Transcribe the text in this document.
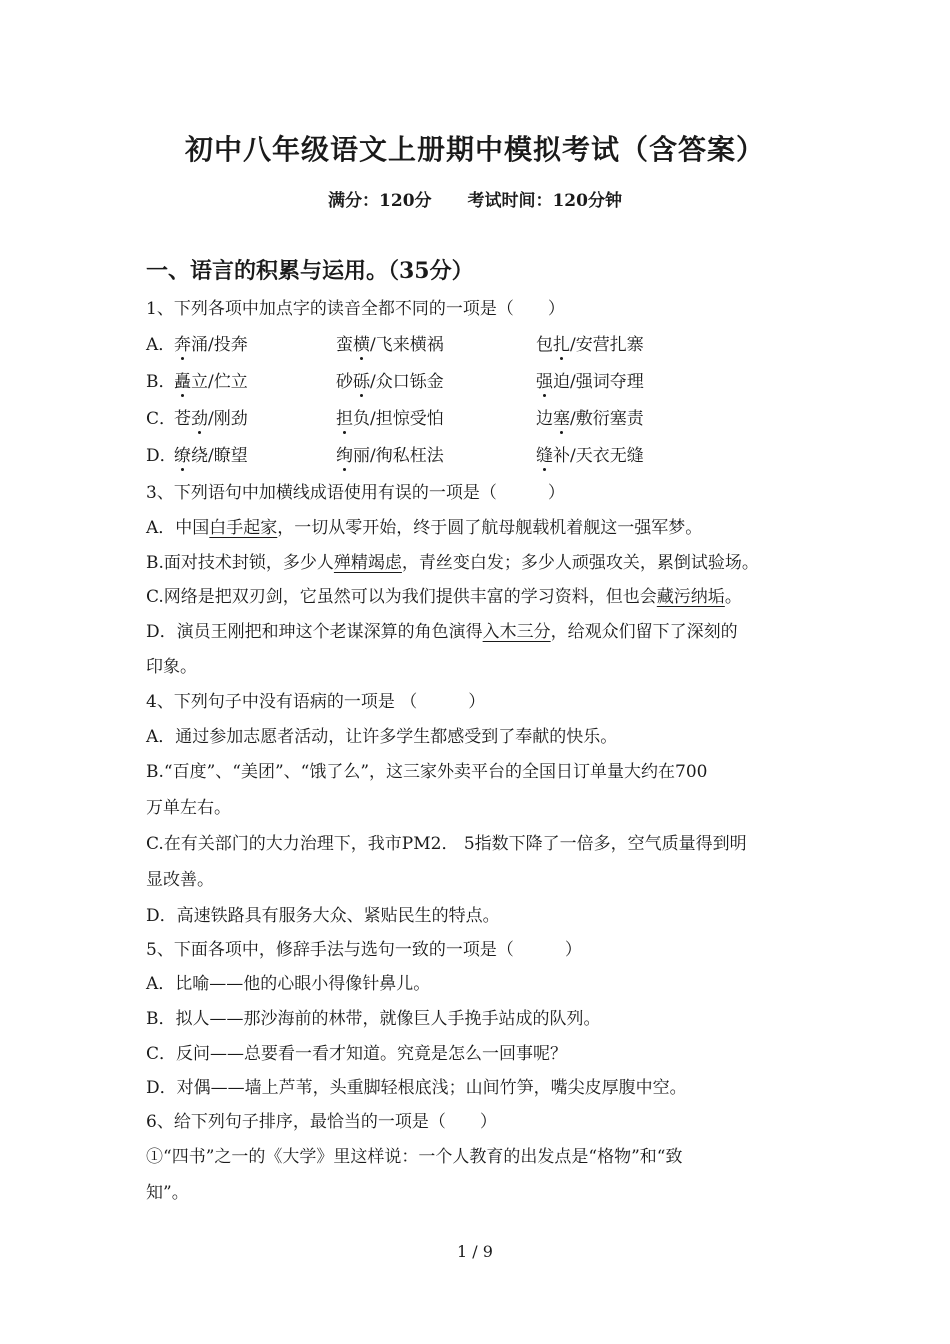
初中八年级语文上册期中模拟考试（含答案）
满分：120分 考试时间：120分钟
一、语言的积累与运用。（35分）
1、下列各项中加点字的读音全都不同的一项是（　　）
A．
奔涌/投奔	蛮横/飞来横祸	包扎/安营扎寨
B．
矗立/伫立	砂砾/众口铄金	强迫/强词夺理
C．
苍劲/刚劲	担负/担惊受怕	边塞/敷衍塞责
D．
缭绕/瞭望	绚丽/徇私枉法	缝补/天衣无缝
3、下列语句中加横线成语使用有误的一项是（　　　）
A．中国白手起家，一切从零开始，终于圆了航母舰载机着舰这一强军梦。
B.面对技术封锁，多少人殚精竭虑，青丝变白发；多少人顽强攻关，累倒试验场。
C.网络是把双刃剑，它虽然可以为我们提供丰富的学习资料，但也会藏污纳垢。
D．演员王刚把和珅这个老谋深算的角色演得入木三分，给观众们留下了深刻的
印象。
4、下列句子中没有语病的一项是 （　　　）
A．通过参加志愿者活动，让许多学生都感受到了奉献的快乐。
B.“百度”、“美团”、“饿了么”，这三家外卖平台的全国日订单量大约在700
万单左右。
C.在有关部门的大力治理下，我市PM2． 5指数下降了一倍多，空气质量得到明
显改善。
D．高速铁路具有服务大众、紧贴民生的特点。
5、下面各项中，修辞手法与选句一致的一项是（　　　）
A．比喻——他的心眼小得像针鼻儿。
B．拟人——那沙海前的林带，就像巨人手挽手站成的队列。
C．反问——总要看一看才知道。究竟是怎么一回事呢？
D．对偶——墙上芦苇，头重脚轻根底浅；山间竹笋，嘴尖皮厚腹中空。
6、给下列句子排序，最恰当的一项是（　　）
①“四书”之一的《大学》里这样说：一个人教育的出发点是“格物”和“致
知”。
1 / 9
